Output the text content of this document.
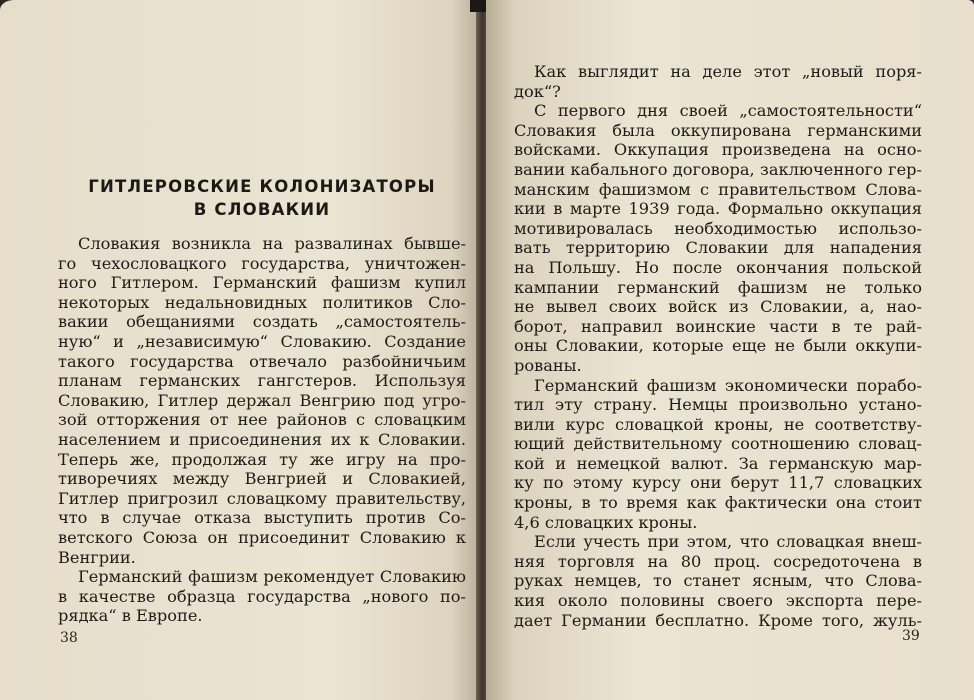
ГИТЛЕРОВСКИЕ КОЛОНИЗАТОРЫ
В СЛОВАКИИ
Словакия возникла на развалинах бывше-
го чехословацкого государства, уничтожен-
ного Гитлером. Германский фашизм купил
некоторых недальновидных политиков Сло-
вакии обещаниями создать „самостоятель-
ную“ и „независимую“ Словакию. Создание
такого государства отвечало разбойничьим
планам германских гангстеров. Используя
Словакию, Гитлер держал Венгрию под угро-
зой отторжения от нее районов с словацким
населением и присоединения их к Словакии.
Теперь же, продолжая ту же игру на про-
тиворечиях между Венгрией и Словакией,
Гитлер пригрозил словацкому правительству,
что в случае отказа выступить против Со-
ветского Союза он присоединит Словакию к
Венгрии.
Германский фашизм рекомендует Словакию
в качестве образца государства „нового по-
рядка“ в Европе.
38
Как выглядит на деле этот „новый поря-
док“?
С первого дня своей „самостоятельности“
Словакия была оккупирована германскими
войсками. Оккупация произведена на осно-
вании кабального договора, заключенного гер-
манским фашизмом с правительством Слова-
кии в марте 1939 года. Формально оккупация
мотивировалась необходимостью использо-
вать территорию Словакии для нападения
на Польшу. Но после окончания польской
кампании германский фашизм не только
не вывел своих войск из Словакии, а, нао-
борот, направил воинские части в те рай-
оны Словакии, которые еще не были оккупи-
рованы.
Германский фашизм экономически порабо-
тил эту страну. Немцы произвольно устано-
вили курс словацкой кроны, не соответству-
ющий действительному соотношению словац-
кой и немецкой валют. За германскую мар-
ку по этому курсу они берут 11,7 словацких
кроны, в то время как фактически она стоит
4,6 словацких кроны.
Если учесть при этом, что словацкая внеш-
няя торговля на 80 проц. сосредоточена в
руках немцев, то станет ясным, что Слова-
кия около половины своего экспорта пере-
дает Германии бесплатно. Кроме того, жуль-
39
